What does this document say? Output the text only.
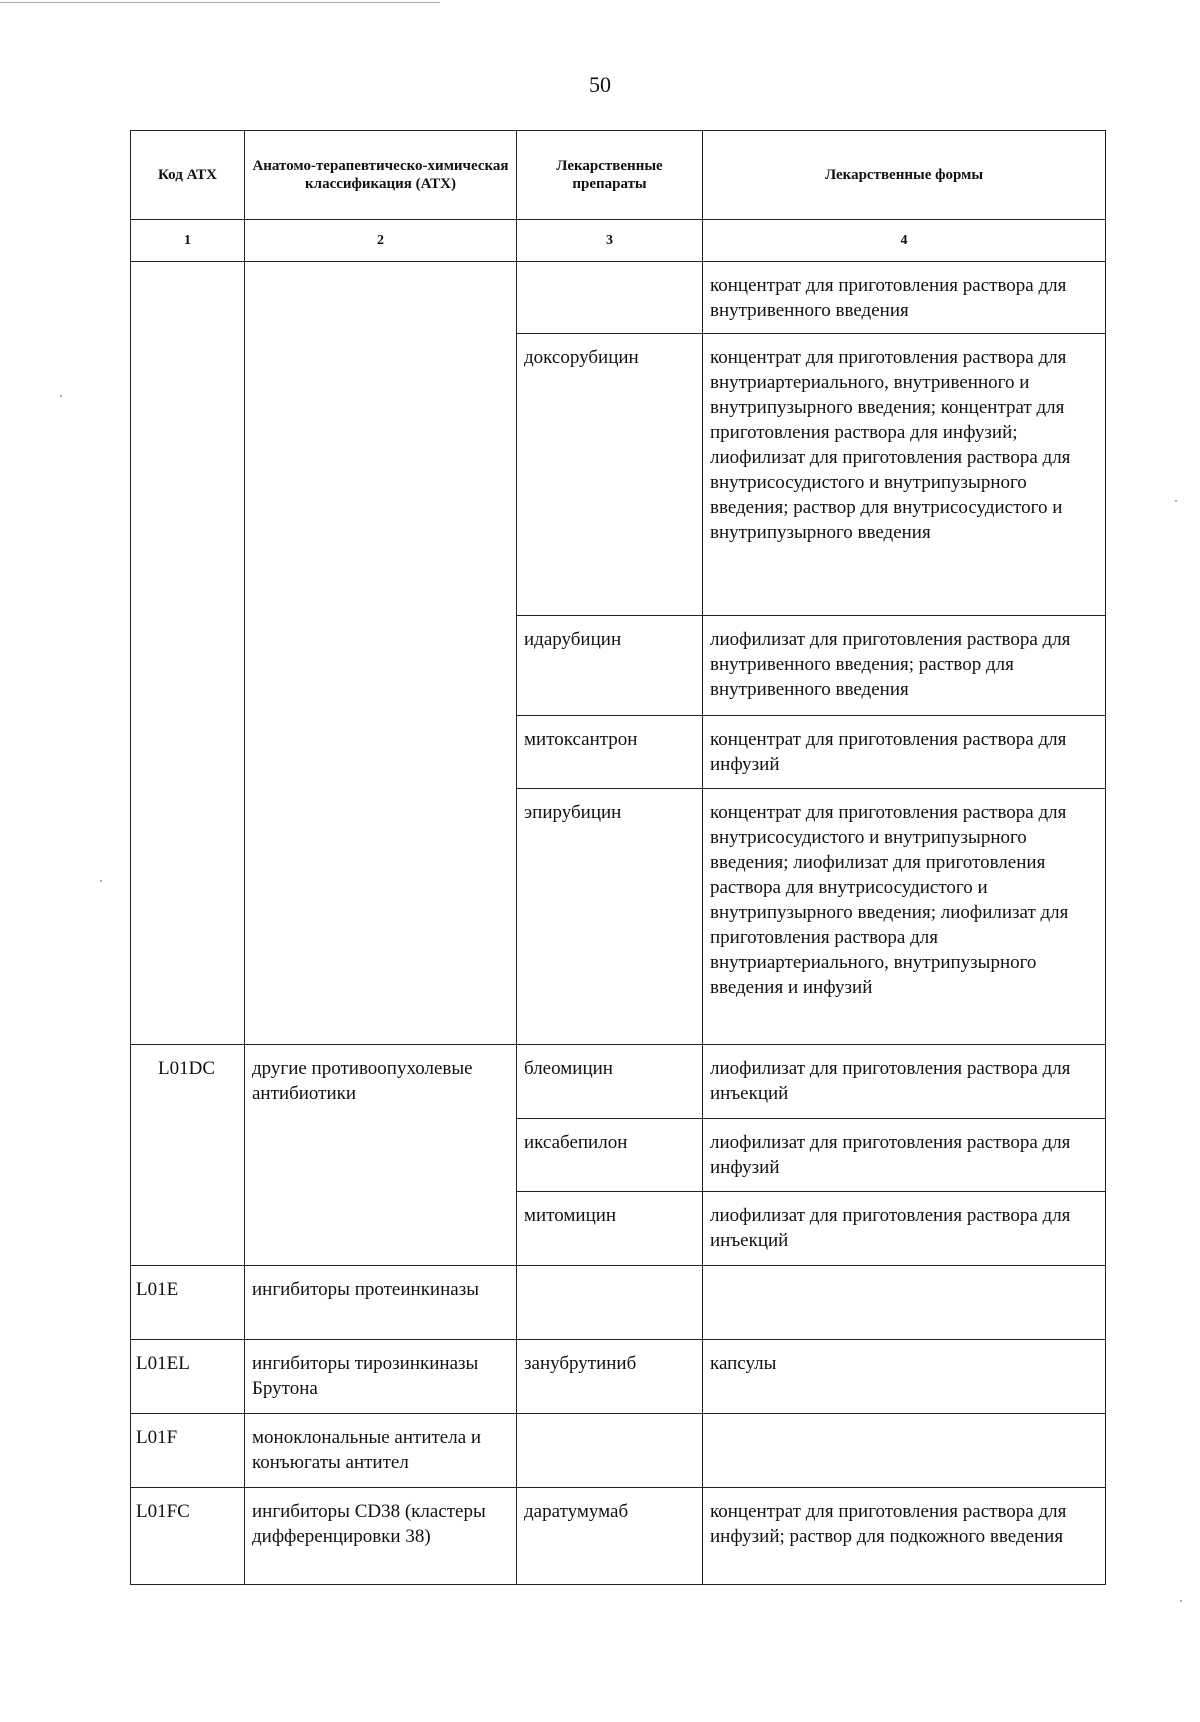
50
Код АТХ	Анатомо-терапевтическо-химическая классификация (АТХ)	Лекарственные препараты	Лекарственные формы
1	2	3	4
			концентрат для приготовления раствора для внутривенного введения
		доксорубицин	концентрат для приготовления раствора для внутриартериального, внутривенного и внутрипузырного введения; концентрат для приготовления раствора для инфузий; лиофилизат для приготовления раствора для внутрисосудистого и внутрипузырного введения; раствор для внутрисосудистого и внутрипузырного введения
		идарубицин	лиофилизат для приготовления раствора для внутривенного введения; раствор для внутривенного введения
		митоксантрон	концентрат для приготовления раствора для инфузий
		эпирубицин	концентрат для приготовления раствора для внутрисосудистого и внутрипузырного введения; лиофилизат для приготовления раствора для внутрисосудистого и внутрипузырного введения; лиофилизат для приготовления раствора для внутриартериального, внутрипузырного введения и инфузий
L01DC	другие противоопухолевые антибиотики	блеомицин	лиофилизат для приготовления раствора для инъекций
		иксабепилон	лиофилизат для приготовления раствора для инфузий
		митомицин	лиофилизат для приготовления раствора для инъекций
L01E	ингибиторы протеинкиназы		
L01EL	ингибиторы тирозинкиназы Брутона	занубрутиниб	капсулы
L01F	моноклональные антитела и конъюгаты антител		
L01FC	ингибиторы CD38 (кластеры дифференцировки 38)	даратумумаб	концентрат для приготовления раствора для инфузий; раствор для подкожного введения
